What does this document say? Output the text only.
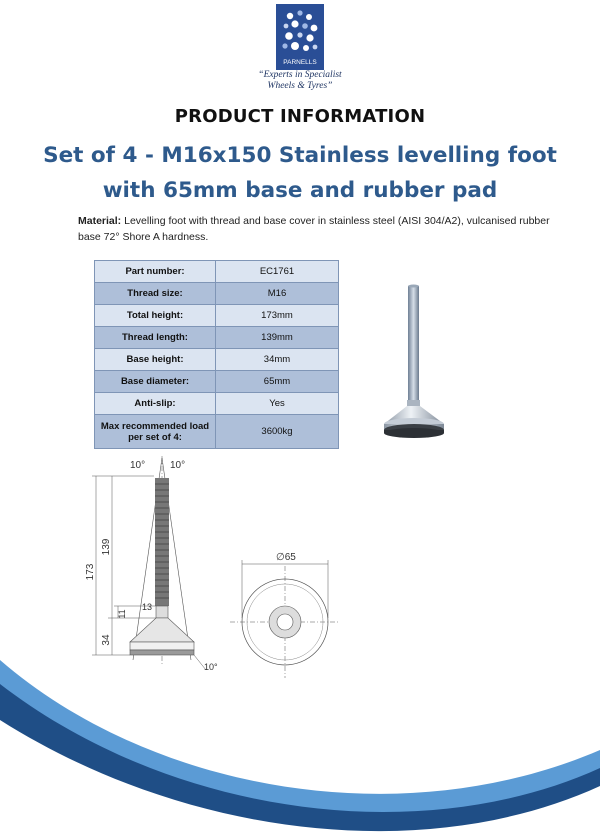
PARNELLS
“Experts in Specialist
Wheels & Tyres”
PRODUCT INFORMATION
Set of 4 - M16x150 Stainless levelling foot with 65mm base and rubber pad
Material: Levelling foot with thread and base cover in stainless steel (AISI 304/A2), vulcanised rubber base 72° Shore A hardness.
Part number:	EC1761
Thread size:	M16
Total height:	173mm
Thread length:	139mm
Base height:	34mm
Base diameter:	65mm
Anti-slip:	Yes
Max recommended load per set of 4:	3600kg
10° 10°
173
139
11
13
34
10°
∅65
